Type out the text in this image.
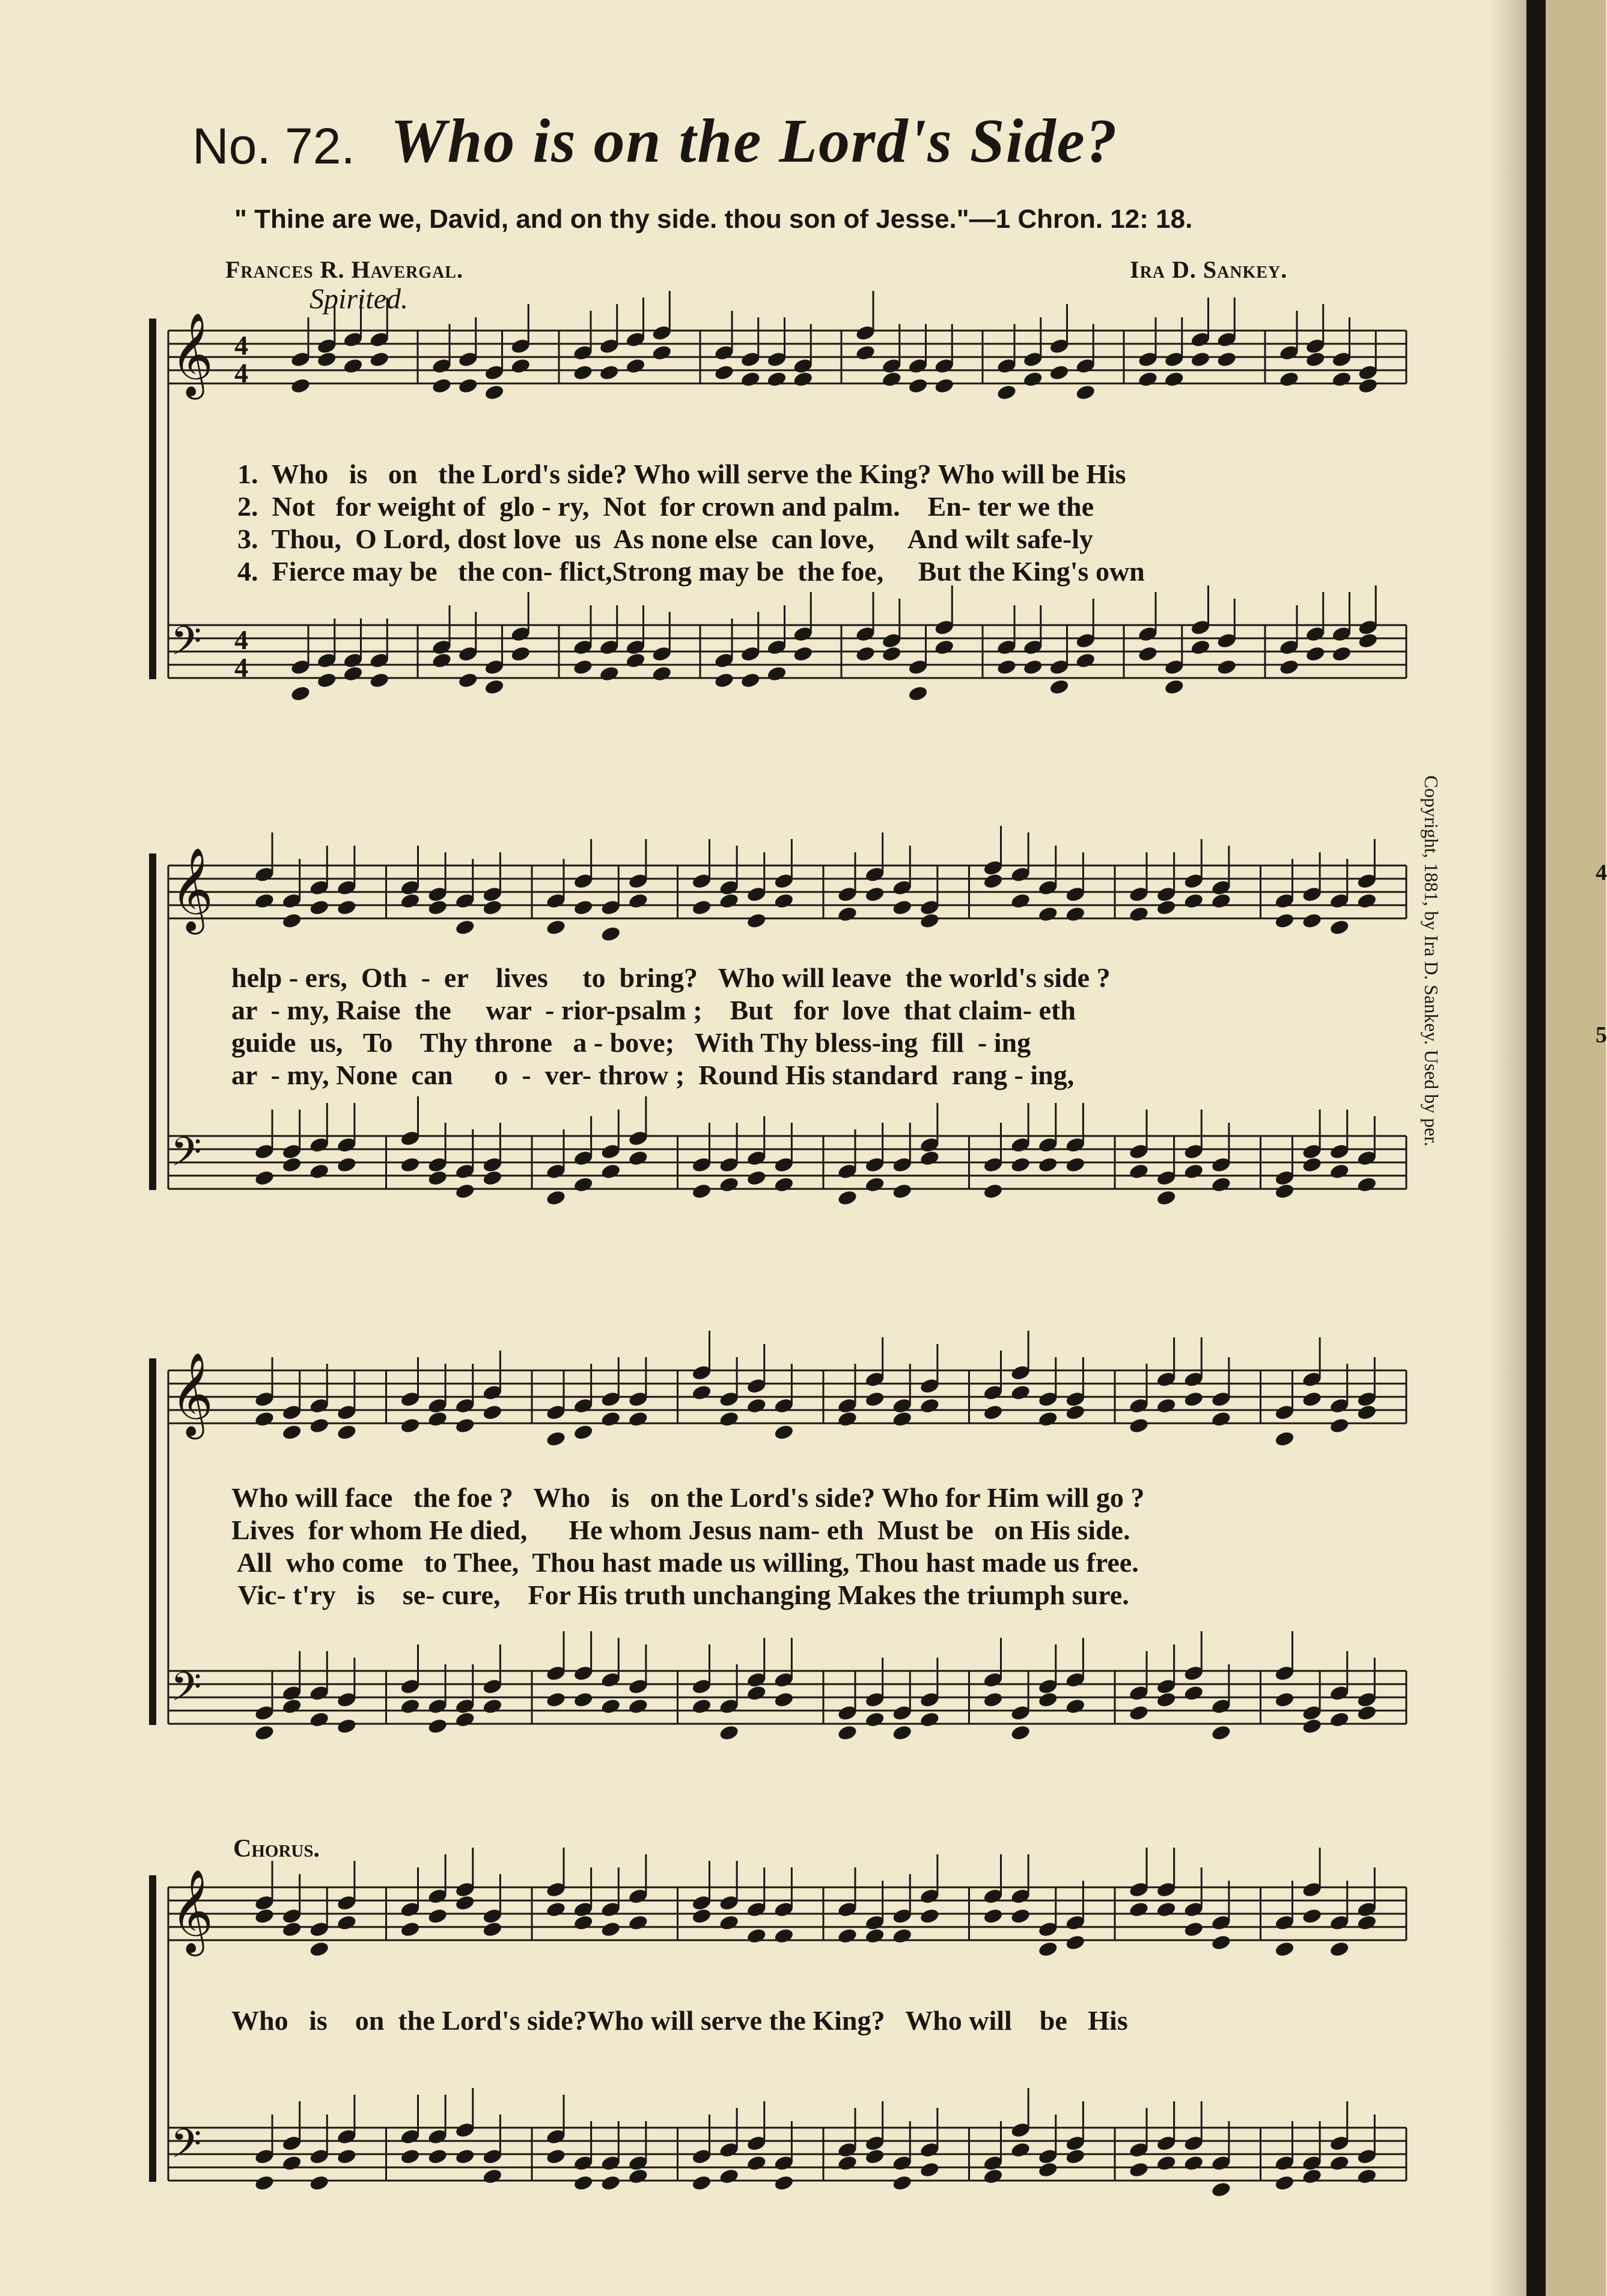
4
5
No. 72. Who is on the Lord's Side?
" Thine are we, David, and on thy side. thou son of Jesse."—1 Chron. 12: 18.
Frances R. Havergal.	Ira D. Sankey.
Spirited.
𝄞 4
4
𝄢 4
4
1.  Who   is   on   the Lord's side? Who will serve the King? Who will be His
2.  Not   for weight of  glo - ry,  Not  for crown and palm.    En- ter we the
3.  Thou,  O Lord, dost love  us  As none else  can love,     And wilt safe-ly
4.  Fierce may be   the con- flict,Strong may be  the foe,     But the King's own
𝄞
𝄢
help - ers,  Oth  -  er    lives     to  bring?   Who will leave  the world's side ?
ar  - my, Raise  the     war  - rior-psalm ;    But   for  love  that claim- eth
guide  us,   To    Thy throne   a - bove;   With Thy bless-ing  fill  - ing
ar  - my, None  can      o  -  ver- throw ;  Round His standard  rang - ing,
𝄞
𝄢
Who will face   the foe ?   Who   is   on the Lord's side? Who for Him will go ?
Lives  for whom He died,      He whom Jesus nam- eth  Must be   on His side.
All  who come   to Thee,  Thou hast made us willing, Thou hast made us free.
Vic- t'ry   is    se- cure,    For His truth unchanging Makes the triumph sure.
Chorus.
𝄞
𝄢
Who   is    on  the Lord's side?Who will serve the King?   Who will    be   His
Copyright, 1881, by Ira D. Sankey. Used by per.
